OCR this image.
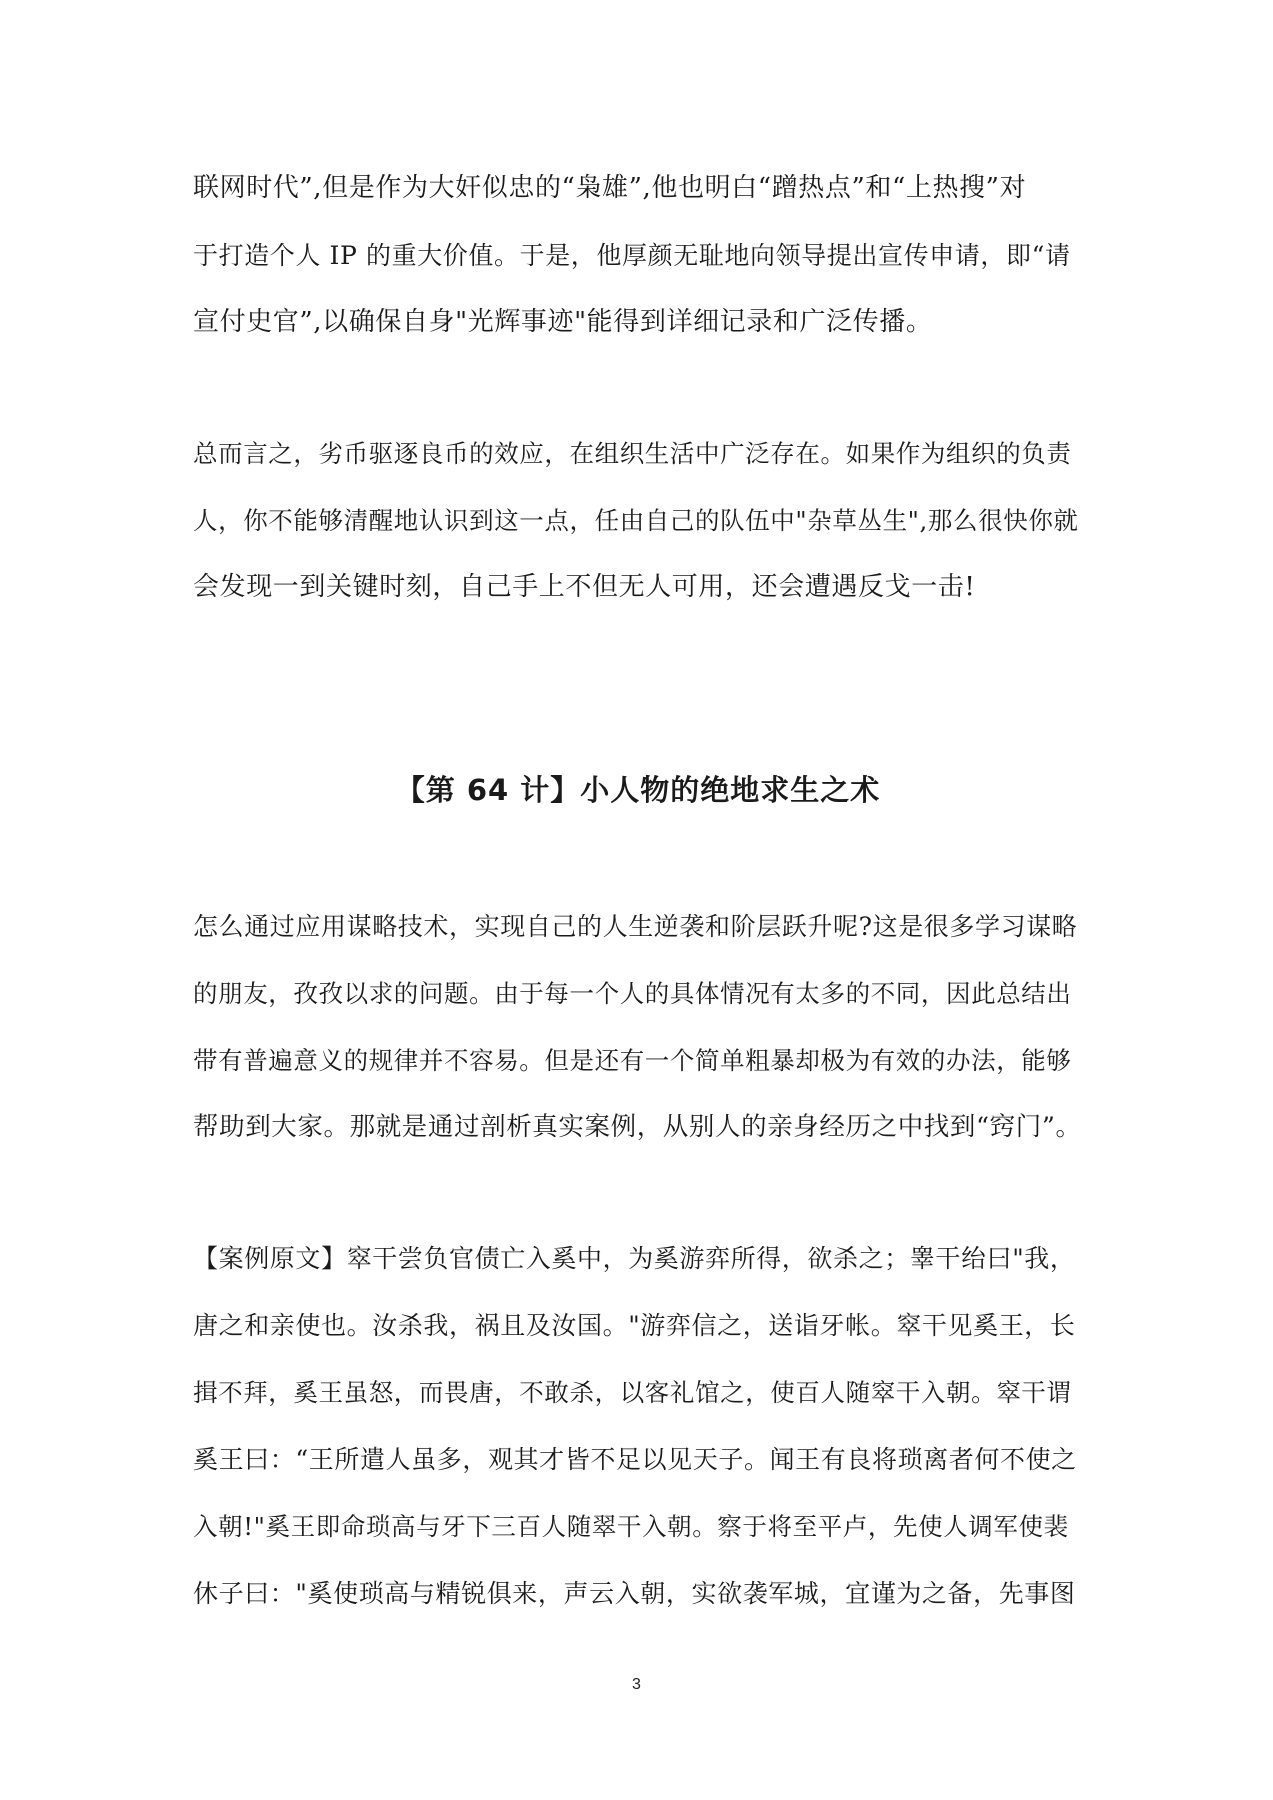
联网时代”,但是作为大奸似忠的“枭雄”,他也明白“蹭热点”和“上热搜”对
于打造个人 IP 的重大价值。于是，他厚颜无耻地向领导提出宣传申请，即“请
宣付史官”,以确保自身"光辉事迹"能得到详细记录和广泛传播。
总而言之，劣币驱逐良币的效应，在组织生活中广泛存在。如果作为组织的负责
人，你不能够清醒地认识到这一点，任由自己的队伍中"杂草丛生",那么很快你就
会发现一到关键时刻，自己手上不但无人可用，还会遭遇反戈一击!
【第 64 计】小人物的绝地求生之术
怎么通过应用谋略技术，实现自己的人生逆袭和阶层跃升呢?这是很多学习谋略
的朋友，孜孜以求的问题。由于每一个人的具体情况有太多的不同，因此总结出
带有普遍意义的规律并不容易。但是还有一个简单粗暴却极为有效的办法，能够
帮助到大家。那就是通过剖析真实案例，从别人的亲身经历之中找到“窍门”。
【案例原文】窣干尝负官债亡入奚中，为奚游弈所得，欲杀之；睾干绐曰"我，
唐之和亲使也。汝杀我，祸且及汝国。"游弈信之，送诣牙帐。窣干见奚王，长
揖不拜，奚王虽怒，而畏唐，不敢杀，以客礼馆之，使百人随窣干入朝。窣干谓
奚王曰：“王所遣人虽多，观其才皆不足以见天子。闻王有良将琐离者何不使之
入朝!"奚王即命琐高与牙下三百人随翠干入朝。察于将至平卢，先使人调军使裴
休子曰："奚使琐高与精锐俱来，声云入朝，实欲袭军城，宜谨为之备，先事图
3
